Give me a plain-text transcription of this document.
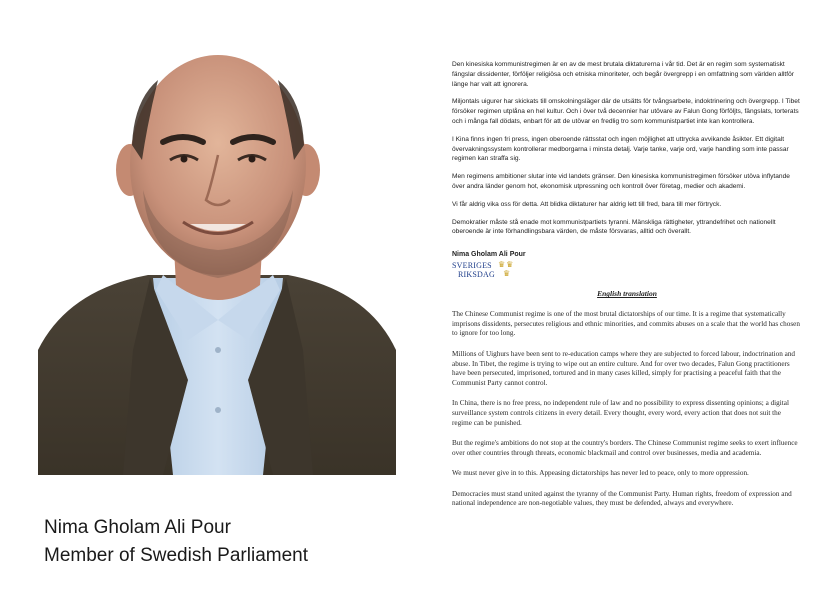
Nima Gholam Ali Pour
Member of Swedish Parliament

Den kinesiska kommunistregimen är en av de mest brutala diktaturerna i vår tid. Det är en regim som systematiskt fängslar dissidenter, förföljer religiösa och etniska minoriteter, och begår övergrepp i en omfattning som världen alltför länge har valt att ignorera.

Miljontals uigurer har skickats till omskolningsläger där de utsätts för tvångsarbete, indoktrinering och övergrepp. I Tibet försöker regimen utplåna en hel kultur. Och i över två decennier har utövare av Falun Gong förföljts, fängslats, torterats och i många fall dödats, enbart för att de utövar en fredlig tro som kommunistpartiet inte kan kontrollera.

I Kina finns ingen fri press, ingen oberoende rättsstat och ingen möjlighet att uttrycka avvikande åsikter. Ett digitalt övervakningssystem kontrollerar medborgarna i minsta detalj. Varje tanke, varje ord, varje handling som inte passar regimen kan straffa sig.

Men regimens ambitioner slutar inte vid landets gränser. Den kinesiska kommunistregimen försöker utöva inflytande över andra länder genom hot, ekonomisk utpressning och kontroll över företag, medier och akademi.

Vi får aldrig vika oss för detta. Att blidka diktaturer har aldrig lett till fred, bara till mer förtryck.

Demokratier måste stå enade mot kommunistpartiets tyranni. Mänskliga rättigheter, yttrandefrihet och nationellt oberoende är inte förhandlingsbara värden, de måste försvaras, alltid och överallt.

Nima Gholam Ali Pour
SVERIGES
RIKSDAG
♛ ♛
♛
English translation

The Chinese Communist regime is one of the most brutal dictatorships of our time. It is a regime that systematically imprisons dissidents, persecutes religious and ethnic minorities, and commits abuses on a scale that the world has chosen to ignore for too long.

Millions of Uighurs have been sent to re-education camps where they are subjected to forced labour, indoctrination and abuse. In Tibet, the regime is trying to wipe out an entire culture. And for over two decades, Falun Gong practitioners have been persecuted, imprisoned, tortured and in many cases killed, simply for practising a peaceful faith that the Communist Party cannot control.

In China, there is no free press, no independent rule of law and no possibility to express dissenting opinions; a digital surveillance system controls citizens in every detail. Every thought, every word, every action that does not suit the regime can be punished.

But the regime's ambitions do not stop at the country's borders. The Chinese Communist regime seeks to exert influence over other countries through threats, economic blackmail and control over businesses, media and academia.

We must never give in to this. Appeasing dictatorships has never led to peace, only to more oppression.

Democracies must stand united against the tyranny of the Communist Party. Human rights, freedom of expression and national independence are non-negotiable values, they must be defended, always and everywhere.
